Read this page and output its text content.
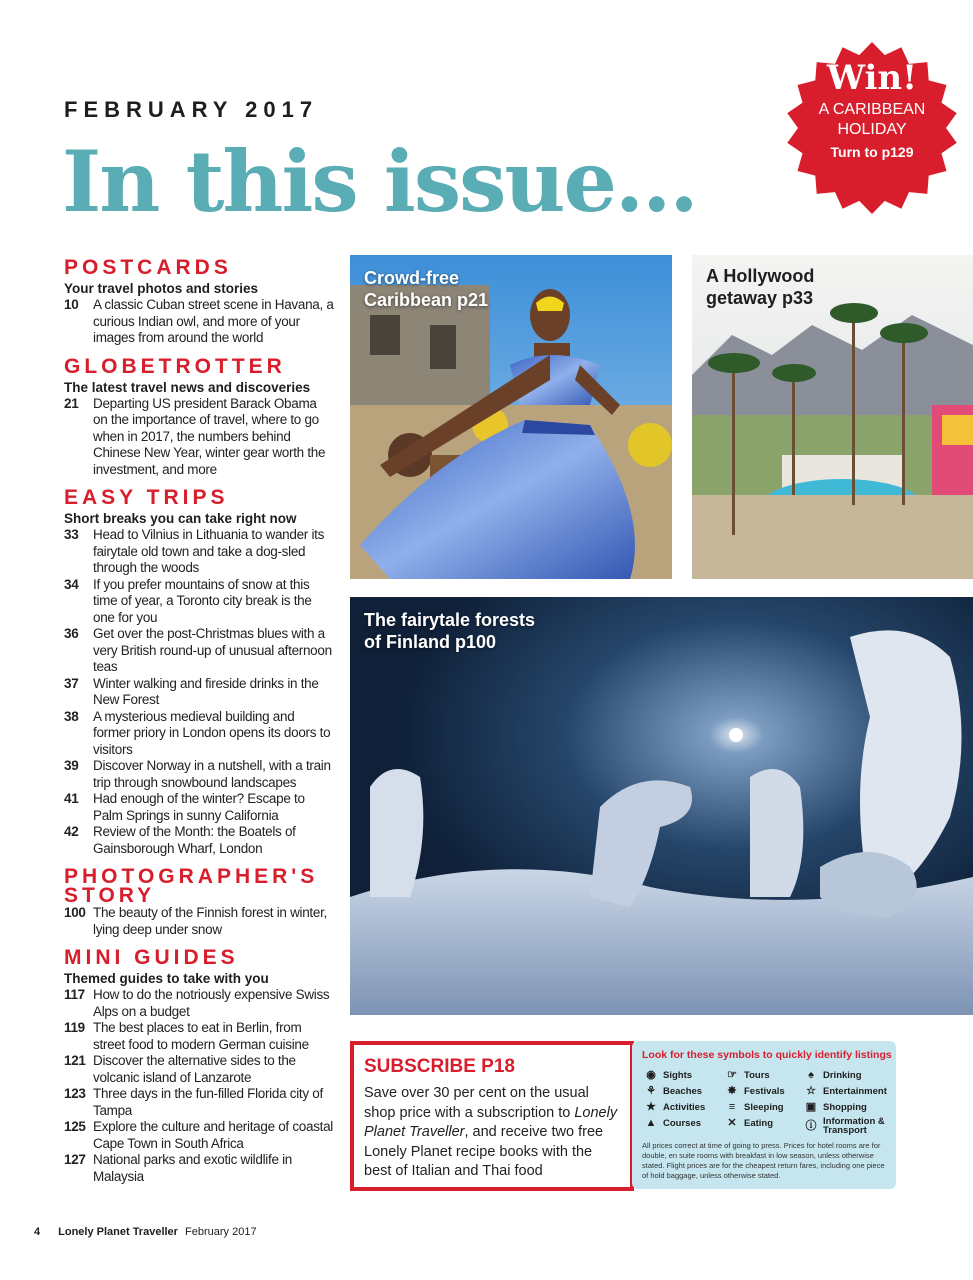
FEBRUARY 2017
In this issue...
Win!
A CARIBBEAN
HOLIDAY
Turn to p129
POSTCARDS
Your travel photos and stories
10	A classic Cuban street scene in Havana, a curious Indian owl, and more of your images from around the world
GLOBETROTTER
The latest travel news and discoveries
21	Departing US president Barack Obama on the importance of travel, where to go when in 2017, the numbers behind Chinese New Year, winter gear worth the investment, and more
EASY TRIPS
Short breaks you can take right now
33	Head to Vilnius in Lithuania to wander its fairytale old town and take a dog-sled through the woods
34	If you prefer mountains of snow at this time of year, a Toronto city break is the one for you
36	Get over the post-Christmas blues with a very British round-up of unusual afternoon teas
37	Winter walking and fireside drinks in the New Forest
38	A mysterious medieval building and former priory in London opens its doors to visitors
39	Discover Norway in a nutshell, with a train trip through snowbound landscapes
41	Had enough of the winter? Escape to Palm Springs in sunny California
42	Review of the Month: the Boatels of Gainsborough Wharf, London
PHOTOGRAPHER'S STORY
100 The beauty of the Finnish forest in winter, lying deep under snow
MINI GUIDES
Themed guides to take with you
117 How to do the notriously expensive Swiss Alps on a budget
119 The best places to eat in Berlin, from street food to modern German cuisine
121 Discover the alternative sides to the volcanic island of Lanzarote
123 Three days in the fun-filled Florida city of Tampa
125 Explore the culture and heritage of coastal Cape Town in South Africa
127 National parks and exotic wildlife in Malaysia
Crowd-free
Caribbean p21
A Hollywood
getaway p33
The fairytale forests
of Finland p100
SUBSCRIBE P18
Save over 30 per cent on the usual shop price with a subscription to Lonely Planet Traveller, and receive two free Lonely Planet recipe books with the best of Italian and Thai food
Look for these symbols to quickly identify listings
◉ Sights	☞ Tours	♠ Drinking
⚘ Beaches ✸ Festivals ☆ Entertainment
★ Activities	≡ Sleeping ▣ Shopping
▲ Courses ✕ Eating	ⓘ Information & Transport
All prices correct at time of going to press. Prices for hotel rooms are for double, en suite rooms with breakfast in low season, unless otherwise stated. Flight prices are for the cheapest return fares, including one piece of hold baggage, unless otherwise stated.
4 Lonely Planet Traveller February 2017
